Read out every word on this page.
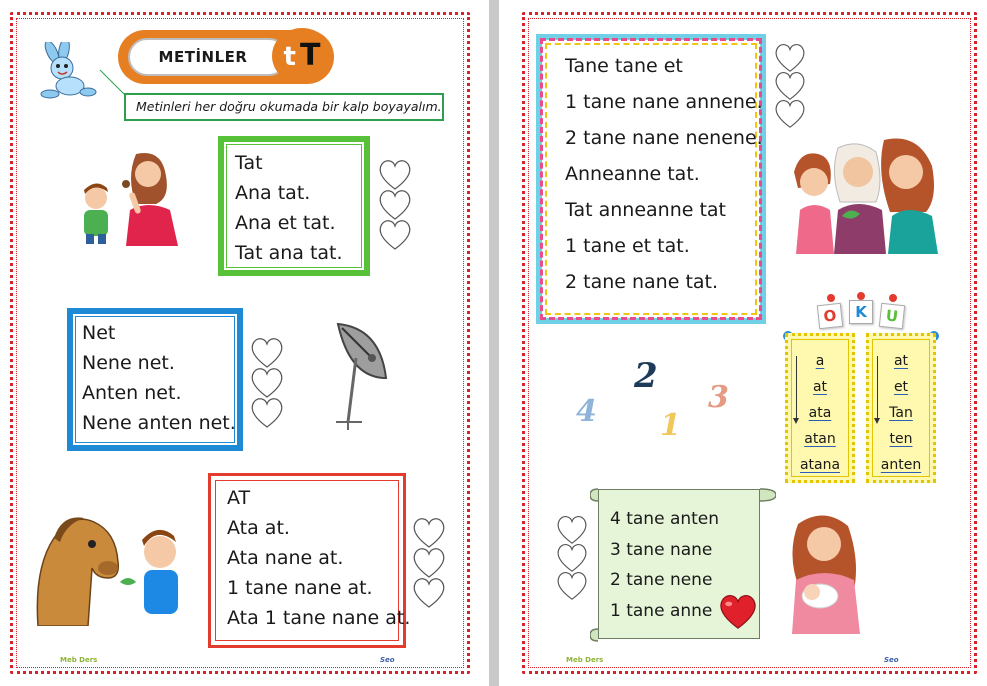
METİNLER	t T
Metinleri her doğru okumada bir kalp boyayalım.
Tat
Ana tat.
Ana et tat.
Tat ana tat.
Net
Nene net.
Anten net.
Nene anten net.
AT
Ata at.
Ata nane at.
1 tane nane at.
Ata 1 tane nane at.
Meb Ders	Seo
Tane tane et
1 tane nane annene.
2 tane nane nenene.
Anneanne tat.
Tat anneanne tat
1 tane et tat.
2 tane nane tat.
O	K	U
a
at
ata
atan
atana
at
et
Tan
ten
anten
2
4 1
3
4 tane anten
3 tane nane
2 tane nene
1 tane anne
Meb Ders	Seo
